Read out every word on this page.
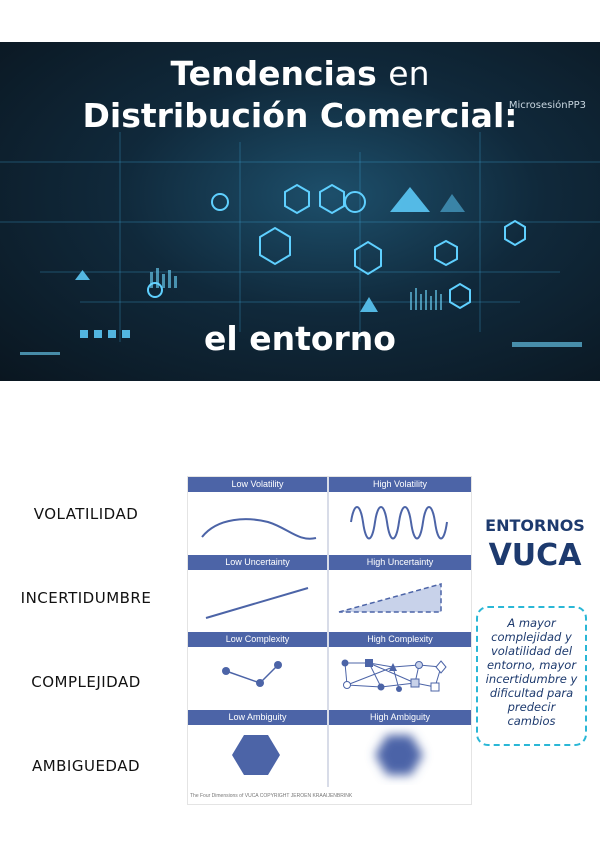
MicrosesiónPP3
Tendencias en
Distribución Comercial:
el entorno
VOLATILIDAD
INCERTIDUMBRE
COMPLEJIDAD
AMBIGUEDAD
Low Volatility	High Volatility
Low Uncertainty	High Uncertainty
Low Complexity	High Complexity
Low Ambiguity	High Ambiguity
The Four Dimensions of VUCA COPYRIGHT JEROEN KRAAIJENBRINK
ENTORNOS
VUCA
A mayor complejidad y volatilidad del entorno, mayor incertidumbre y dificultad para predecir cambios
